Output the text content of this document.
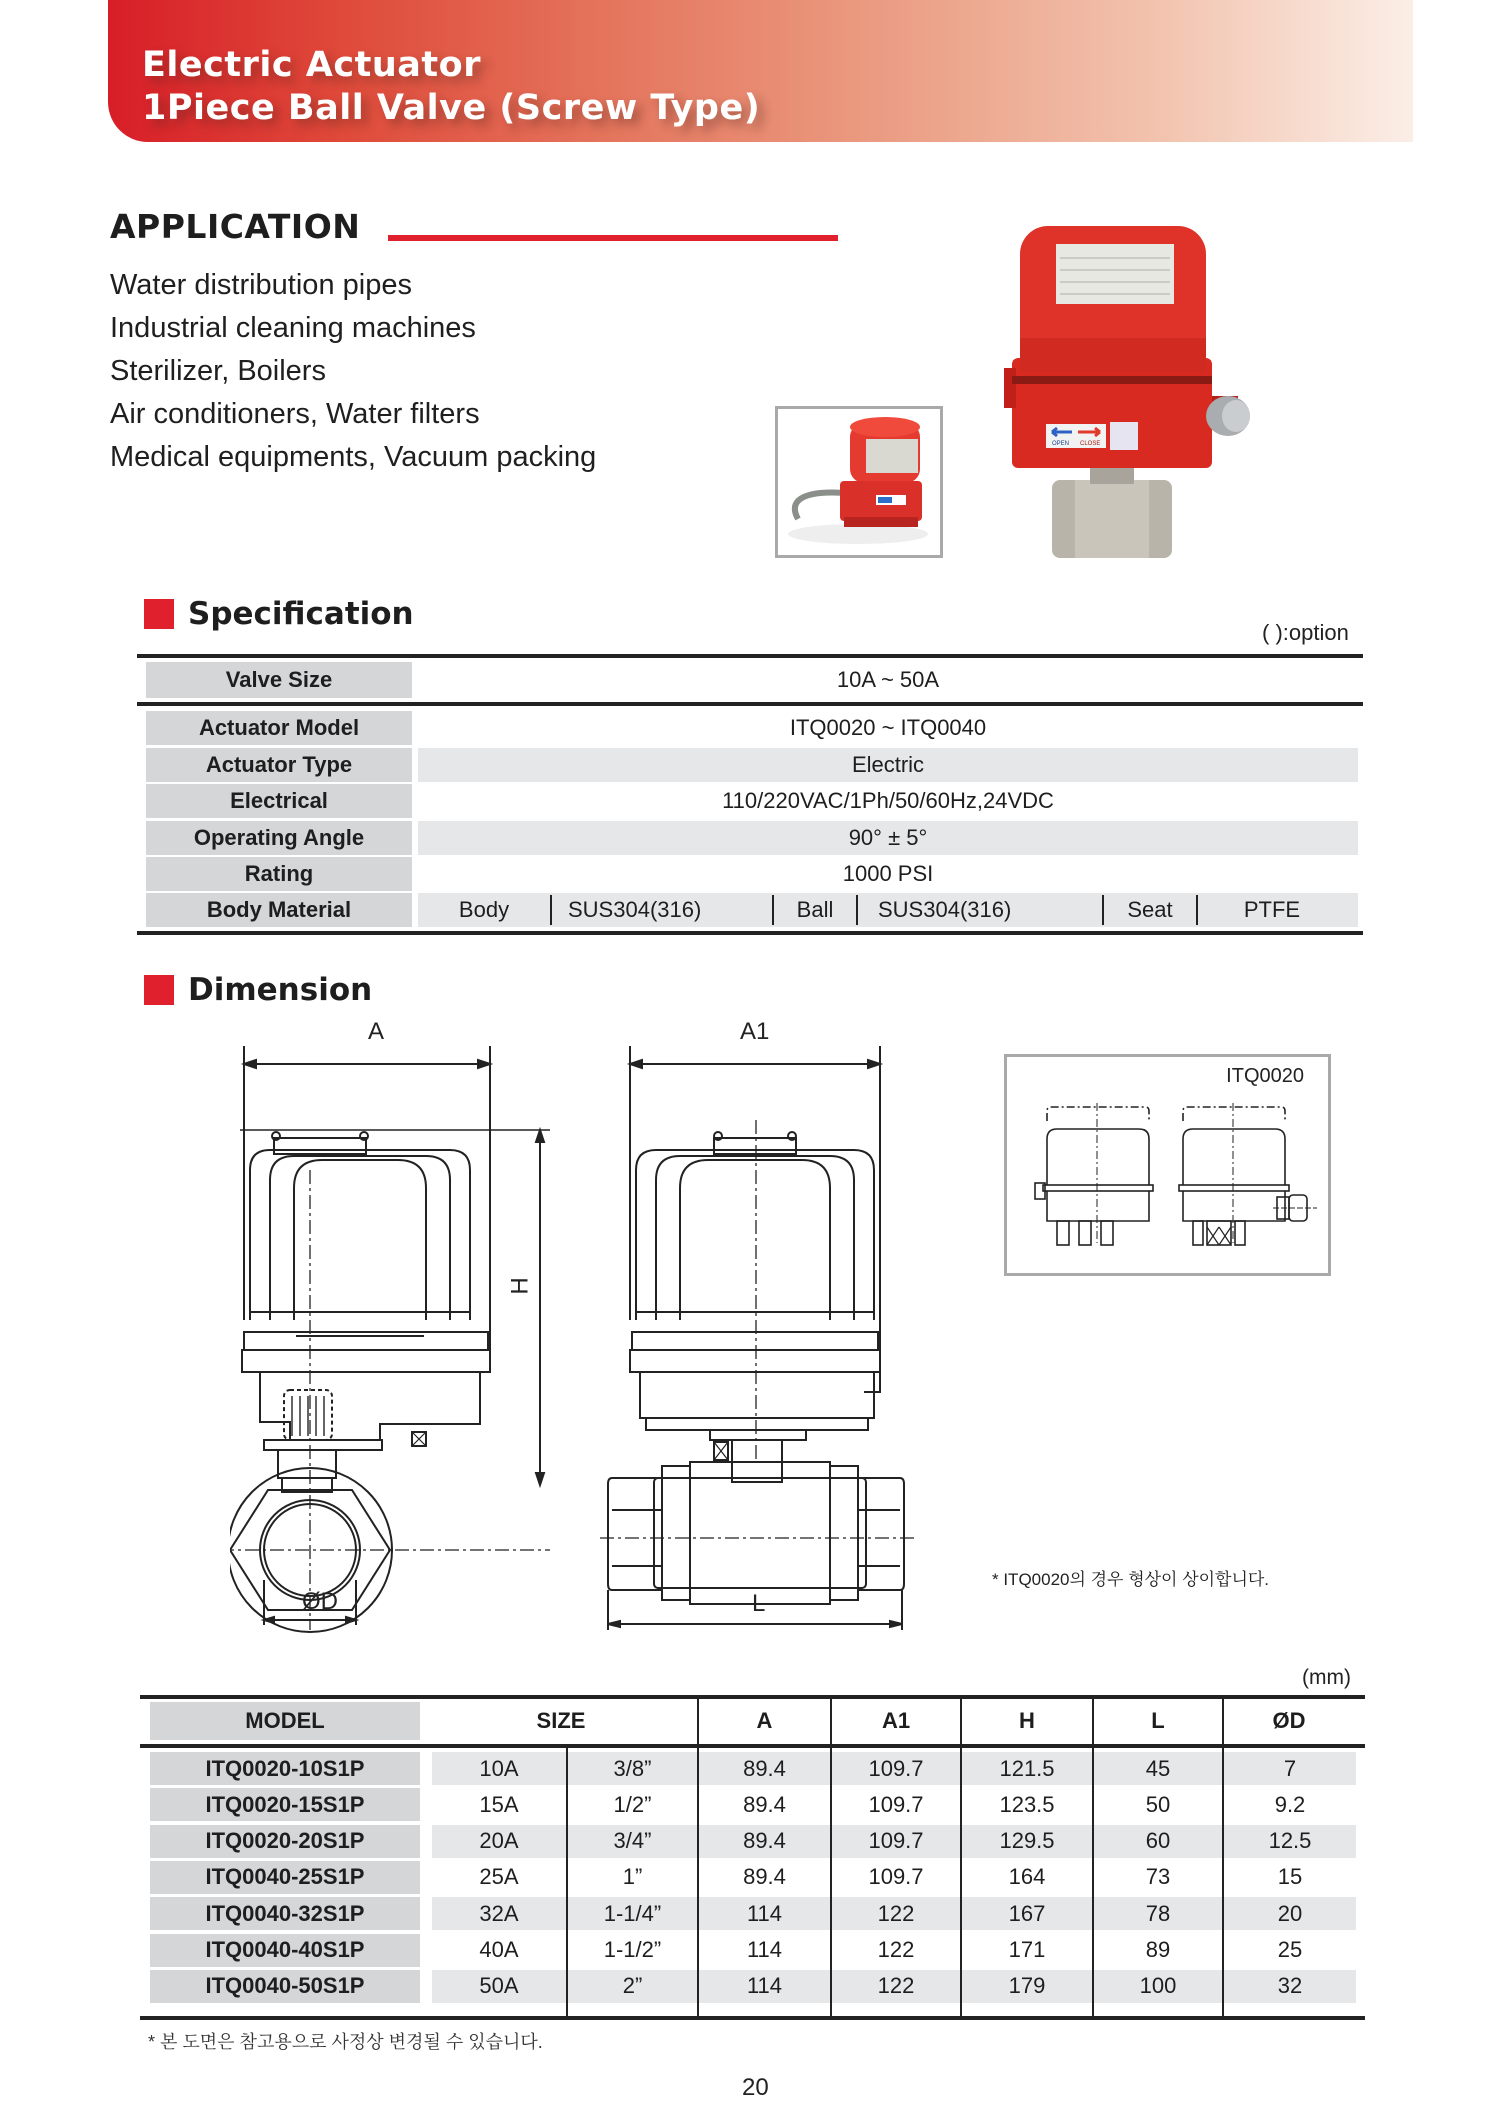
Electric Actuator
1Piece Ball Valve (Screw Type)
APPLICATION
Water distribution pipes
Industrial cleaning machines
Sterilizer, Boilers
Air conditioners, Water filters
Medical equipments, Vacuum packing	OPEN CLOSE
Specification
( ):option
Valve Size	10A ~ 50A
Actuator Model	ITQ0020 ~ ITQ0040
Actuator Type	Electric
Electrical	110/220VAC/1Ph/50/60Hz,24VDC
Operating Angle	90° ± 5°
Rating	1000 PSI
Body Material	Body	SUS304(316)	Ball	SUS304(316)	Seat	PTFE
Dimension
A
H
ØD
A1
L
ITQ0020
* ITQ0020의 경우 형상이 상이합니다.
(mm)
MODEL	SIZE	A	A1	H	L	ØD
ITQ0020-10S1P	10A	3/8”	89.4	109.7	121.5	45	7
ITQ0020-15S1P	15A	1/2”	89.4	109.7	123.5	50	9.2
ITQ0020-20S1P	20A	3/4”	89.4	109.7	129.5	60	12.5
ITQ0040-25S1P	25A	1”	89.4	109.7	164	73	15
ITQ0040-32S1P	32A	1-1/4”	114	122	167	78	20
ITQ0040-40S1P	40A	1-1/2”	114	122	171	89	25
ITQ0040-50S1P	50A	2”	114	122	179	100	32
* 본 도면은 참고용으로 사정상 변경될 수 있습니다.
20
